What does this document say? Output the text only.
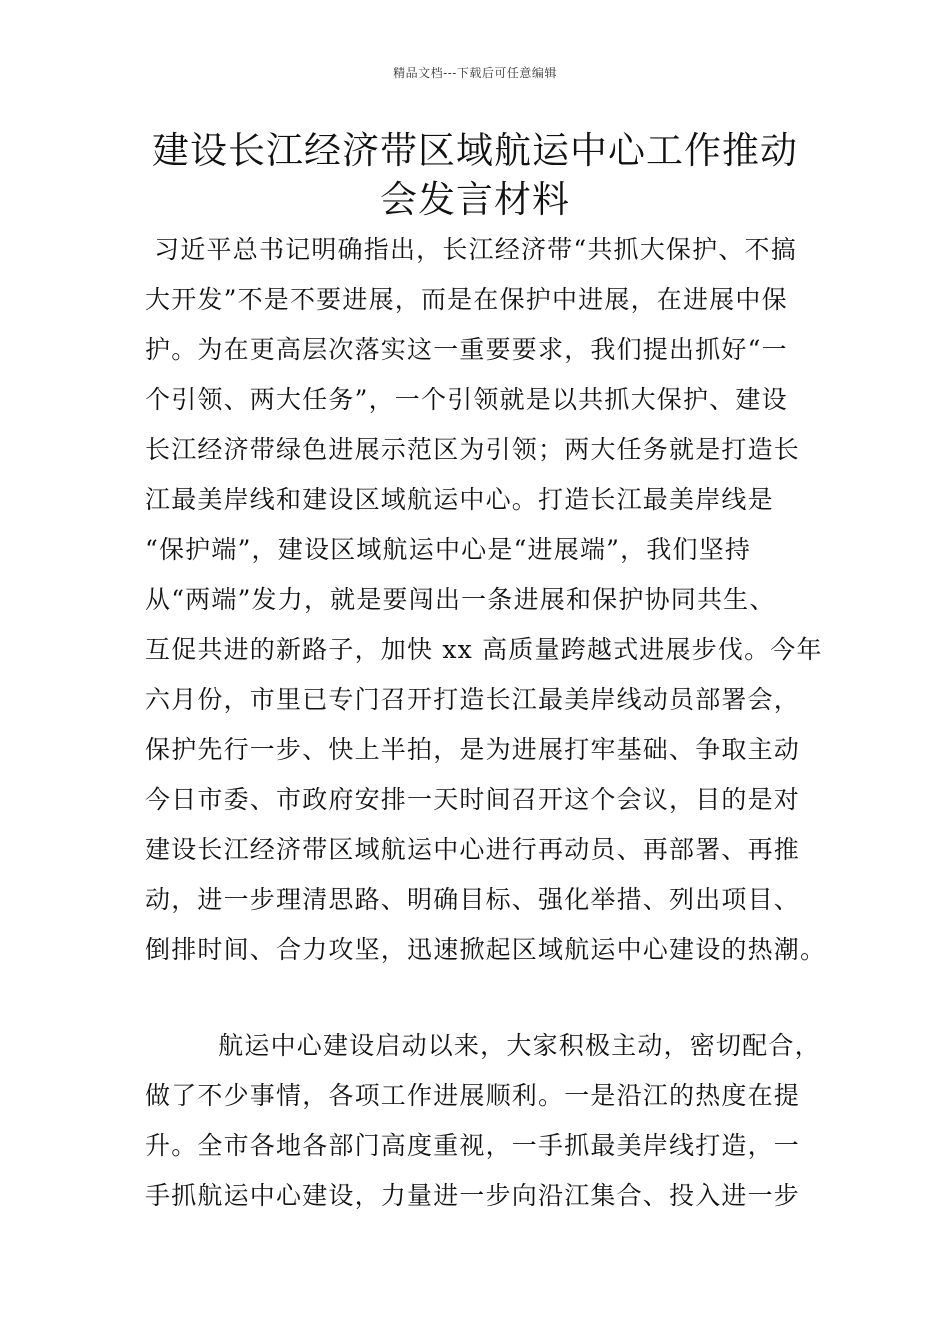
精品文档---下载后可任意编辑
建设长江经济带区域航运中心工作推动
会发言材料
习近平总书记明确指出，长江经济带“共抓大保护、不搞
大开发”不是不要进展，而是在保护中进展，在进展中保
护。为在更高层次落实这一重要要求，我们提出抓好“一
个引领、两大任务”，一个引领就是以共抓大保护、建设
长江经济带绿色进展示范区为引领；两大任务就是打造长
江最美岸线和建设区域航运中心。打造长江最美岸线是
“保护端”，建设区域航运中心是“进展端”，我们坚持
从“两端”发力，就是要闯出一条进展和保护协同共生、
互促共进的新路子，加快 xx 高质量跨越式进展步伐。今年
六月份，市里已专门召开打造长江最美岸线动员部署会，
保护先行一步、快上半拍，是为进展打牢基础、争取主动
今日市委、市政府安排一天时间召开这个会议，目的是对
建设长江经济带区域航运中心进行再动员、再部署、再推
动，进一步理清思路、明确目标、强化举措、列出项目、
倒排时间、合力攻坚，迅速掀起区域航运中心建设的热潮。
航运中心建设启动以来，大家积极主动，密切配合，
做了不少事情，各项工作进展顺利。一是沿江的热度在提
升。全市各地各部门高度重视，一手抓最美岸线打造，一
手抓航运中心建设，力量进一步向沿江集合、投入进一步
